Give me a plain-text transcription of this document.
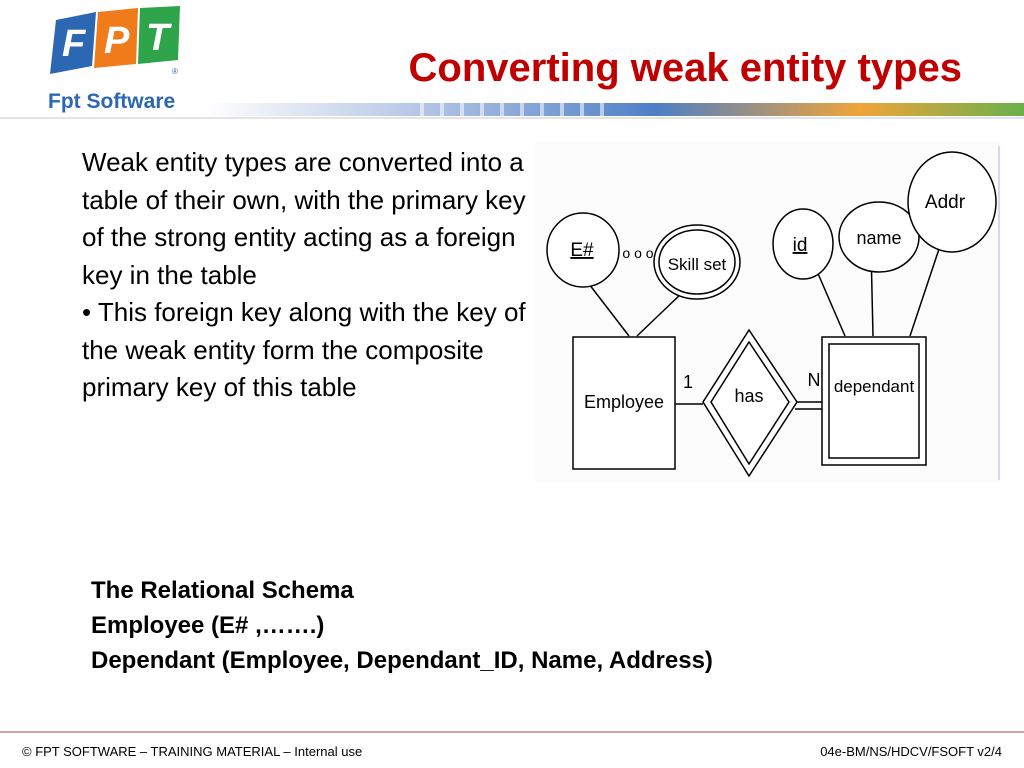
F P T
®
Fpt Software
Converting weak entity types

Weak entity types are converted into a table of their own, with the primary key of the strong entity acting as a foreign key in the table

• This foreign key along with the key of the weak entity form the composite primary key of this table

E# o o o
Skill set
id	name
Addr
Employee	has
1	N dependant
The Relational Schema
Employee (E# ,…….)
Dependant (Employee, Dependant_ID, Name, Address)
© FPT SOFTWARE – TRAINING MATERIAL – Internal use	04e-BM/NS/HDCV/FSOFT v2/4
